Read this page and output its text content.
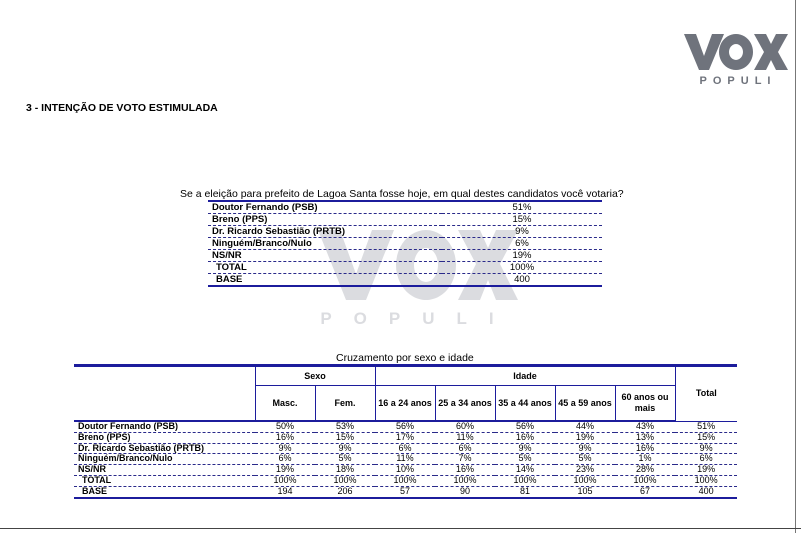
POPULI
3 - INTENÇÃO DE VOTO ESTIMULADA
POPULI
Se a eleição para prefeito de Lagoa Santa fosse hoje, em qual destes candidatos você votaria?
Doutor Fernando (PSB)	51%
Breno (PPS)	15%
Dr. Ricardo Sebastião (PRTB)	9%
Ninguém/Branco/Nulo	6%
NS/NR	19%
TOTAL	100%
BASE	400
Cruzamento por sexo e idade
	Sexo		Idade					Total
	Masc.	Fem.	16 a 24 anos	25 a 34 anos	35 a 44 anos	45 a 59 anos	60 anos ou mais	
Doutor Fernando (PSB)	50%	53%	56%	60%	56%	44%	43%	51%
Breno (PPS)	16%	15%	17%	11%	16%	19%	13%	15%
Dr. Ricardo Sebastião (PRTB)	9%	9%	6%	6%	9%	9%	16%	9%
Ninguém/Branco/Nulo	6%	5%	11%	7%	5%	5%	1%	6%
NS/NR	19%	18%	10%	16%	14%	23%	28%	19%
TOTAL	100%	100%	100%	100%	100%	100%	100%	100%
BASE	194	206	57	90	81	105	67	400
